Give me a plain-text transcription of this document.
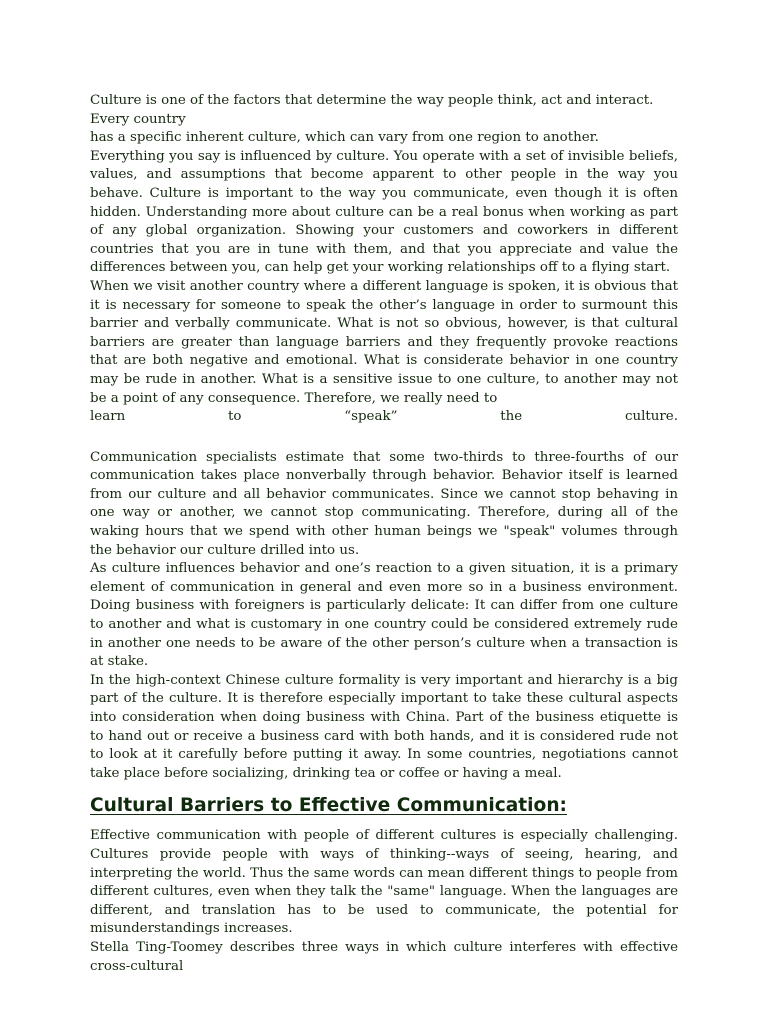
Culture is one of the factors that determine the way people think, act and interact. Every country
has a specific inherent culture, which can vary from one region to another.

Everything you say is influenced by culture. You operate with a set of invisible beliefs, values, and assumptions that become apparent to other people in the way you behave. Culture is important to the way you communicate, even though it is often hidden. Understanding more about culture can be a real bonus when working as part of any global organization. Showing your customers and coworkers in different countries that you are in tune with them, and that you appreciate and value the differences between you, can help get your working relationships off to a flying start.

When we visit another country where a different language is spoken, it is obvious that it is necessary for someone to speak the other’s language in order to surmount this barrier and verbally communicate. What is not so obvious, however, is that cultural barriers are greater than language barriers and they frequently provoke reactions that are both negative and emotional. What is considerate behavior in one country may be rude in another. What is a sensitive issue to one culture, to another may not be a point of any consequence. Therefore, we really need to

learn	to	“speak”	the	culture.

Communication specialists estimate that some two-thirds to three-fourths of our communication takes place nonverbally through behavior. Behavior itself is learned from our culture and all behavior communicates. Since we cannot stop behaving in one way or another, we cannot stop communicating. Therefore, during all of the waking hours that we spend with other human beings we "speak" volumes through the behavior our culture drilled into us.

As culture influences behavior and one’s reaction to a given situation, it is a primary element of communication in general and even more so in a business environment. Doing business with foreigners is particularly delicate: It can differ from one culture to another and what is customary in one country could be considered extremely rude in another one needs to be aware of the other person’s culture when a transaction is at stake.

In the high-context Chinese culture formality is very important and hierarchy is a big part of the culture. It is therefore especially important to take these cultural aspects into consideration when doing business with China. Part of the business etiquette is to hand out or receive a business card with both hands, and it is considered rude not to look at it carefully before putting it away. In some countries, negotiations cannot take place before socializing, drinking tea or coffee or having a meal.

Cultural Barriers to Effective Communication:

Effective communication with people of different cultures is especially challenging. Cultures provide people with ways of thinking--ways of seeing, hearing, and interpreting the world. Thus the same words can mean different things to people from different cultures, even when they talk the "same" language. When the languages are different, and translation has to be used to communicate, the potential for misunderstandings increases.

Stella Ting-Toomey describes three ways in which culture interferes with effective cross-cultural
